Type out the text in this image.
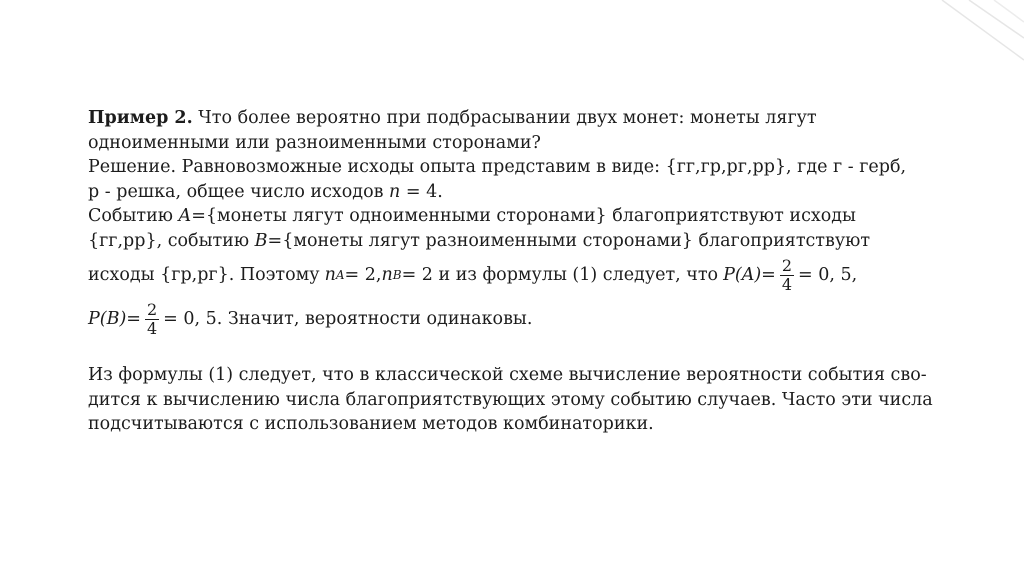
Пример 2. Что более вероятно при подбрасывании двух монет: монеты лягут
одноименными или разноименными сторонами?
Решение. Равновозможные исходы опыта представим в виде: {гг,гр,рг,рр}, где г - герб,
р - решка, общее число исходов n = 4.
Событию A={монеты лягут одноименными сторонами} благоприятствуют исходы
{гг,рр}, событию B={монеты лягут разноименными сторонами} благоприятствуют
исходы {гр,рг}. Поэтому n A = 2, n B = 2 и из формулы (1) следует, что $P(A) = \frac{2}{4} = 0$, 5,
$P(B) = \frac{2}{4} = 0$, 5. Значит, вероятности одинаковы.
Из формулы (1) следует, что в классической схеме вычисление вероятности события сво-
дится к вычислению числа благоприятствующих этому событию случаев. Часто эти числа
подсчитываются с использованием методов комбинаторики.
